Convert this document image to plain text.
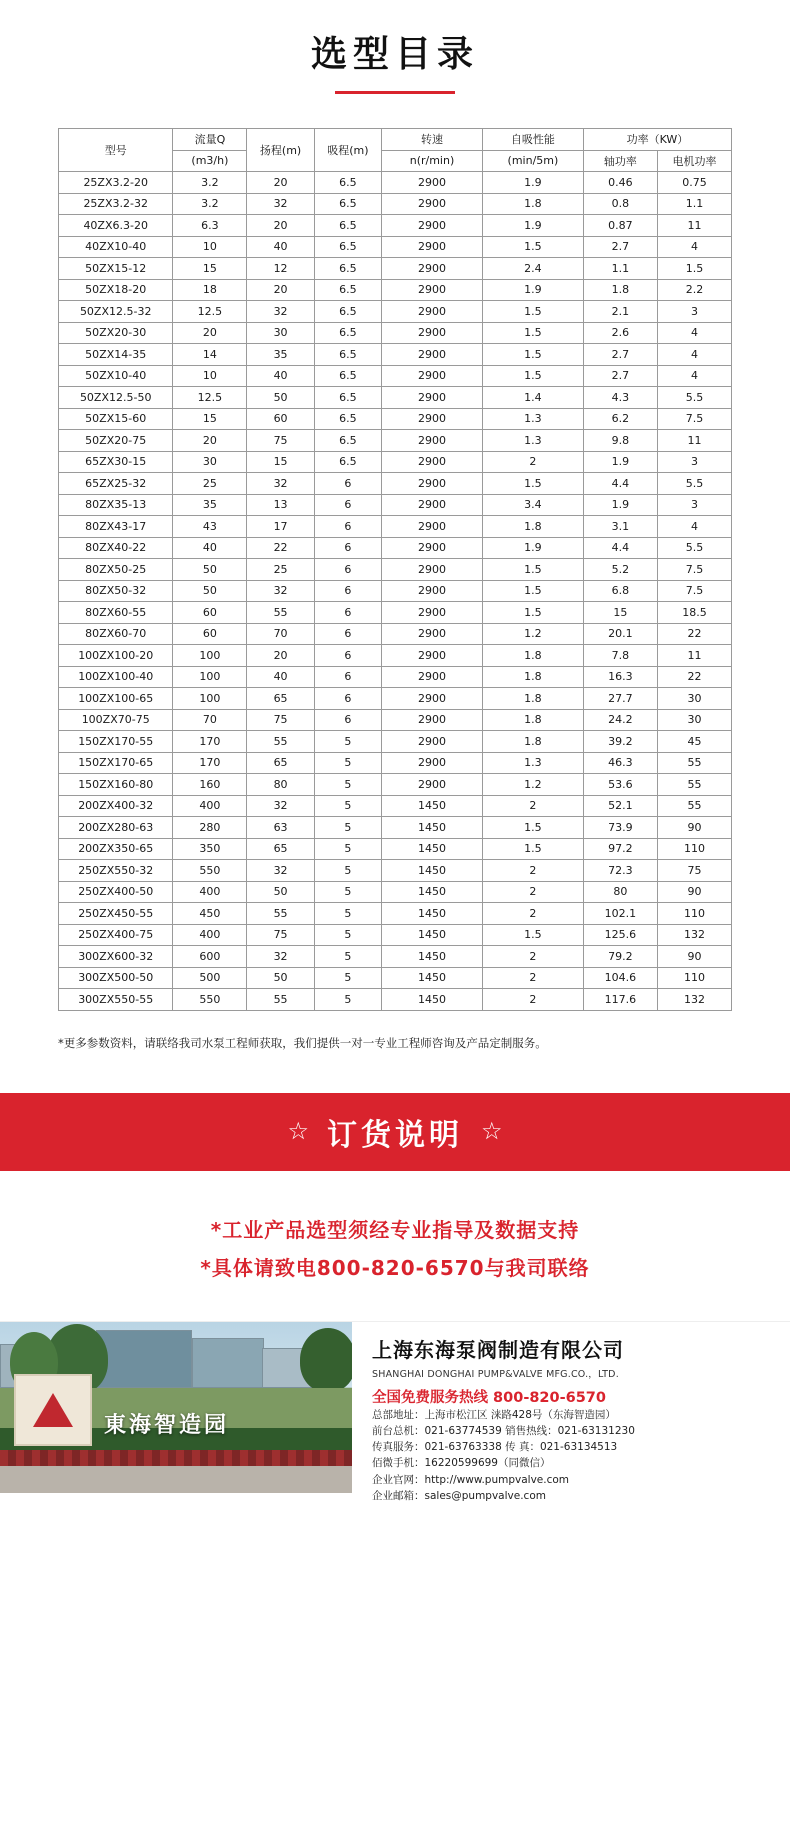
选型目录
型号	流量Q	扬程(m)	吸程(m)	转速	自吸性能	功率（KW）	
	(m3/h)			n(r/min)	(min/5m)	轴功率	电机功率
25ZX3.2-20	3.2	20	6.5	2900	1.9	0.46	0.75
25ZX3.2-32	3.2	32	6.5	2900	1.8	0.8	1.1
40ZX6.3-20	6.3	20	6.5	2900	1.9	0.87	11
40ZX10-40	10	40	6.5	2900	1.5	2.7	4
50ZX15-12	15	12	6.5	2900	2.4	1.1	1.5
50ZX18-20	18	20	6.5	2900	1.9	1.8	2.2
50ZX12.5-32	12.5	32	6.5	2900	1.5	2.1	3
50ZX20-30	20	30	6.5	2900	1.5	2.6	4
50ZX14-35	14	35	6.5	2900	1.5	2.7	4
50ZX10-40	10	40	6.5	2900	1.5	2.7	4
50ZX12.5-50	12.5	50	6.5	2900	1.4	4.3	5.5
50ZX15-60	15	60	6.5	2900	1.3	6.2	7.5
50ZX20-75	20	75	6.5	2900	1.3	9.8	11
65ZX30-15	30	15	6.5	2900	2	1.9	3
65ZX25-32	25	32	6	2900	1.5	4.4	5.5
80ZX35-13	35	13	6	2900	3.4	1.9	3
80ZX43-17	43	17	6	2900	1.8	3.1	4
80ZX40-22	40	22	6	2900	1.9	4.4	5.5
80ZX50-25	50	25	6	2900	1.5	5.2	7.5
80ZX50-32	50	32	6	2900	1.5	6.8	7.5
80ZX60-55	60	55	6	2900	1.5	15	18.5
80ZX60-70	60	70	6	2900	1.2	20.1	22
100ZX100-20	100	20	6	2900	1.8	7.8	11
100ZX100-40	100	40	6	2900	1.8	16.3	22
100ZX100-65	100	65	6	2900	1.8	27.7	30
100ZX70-75	70	75	6	2900	1.8	24.2	30
150ZX170-55	170	55	5	2900	1.8	39.2	45
150ZX170-65	170	65	5	2900	1.3	46.3	55
150ZX160-80	160	80	5	2900	1.2	53.6	55
200ZX400-32	400	32	5	1450	2	52.1	55
200ZX280-63	280	63	5	1450	1.5	73.9	90
200ZX350-65	350	65	5	1450	1.5	97.2	110
250ZX550-32	550	32	5	1450	2	72.3	75
250ZX400-50	400	50	5	1450	2	80	90
250ZX450-55	450	55	5	1450	2	102.1	110
250ZX400-75	400	75	5	1450	1.5	125.6	132
300ZX600-32	600	32	5	1450	2	79.2	90
300ZX500-50	500	50	5	1450	2	104.6	110
300ZX550-55	550	55	5	1450	2	117.6	132
*更多参数资料，请联络我司水泵工程师获取，我们提供一对一专业工程师咨询及产品定制服务。
☆ 订货说明 ☆
*工业产品选型须经专业指导及数据支持
*具体请致电800-820-6570与我司联络
東海智造园
上海东海泵阀制造有限公司
SHANGHAI DONGHAI PUMP&VALVE MFG.CO.，LTD.
全国免费服务热线 800-820-6570
总部地址：上海市松江区 涞路428号（东海智造园）
前台总机：021-63774539 销售热线：021-63131230
传真服务：021-63763338 传 真：021-63134513
佰微手机：16220599699（同微信）
企业官网：http://www.pumpvalve.com
企业邮箱：sales@pumpvalve.com
